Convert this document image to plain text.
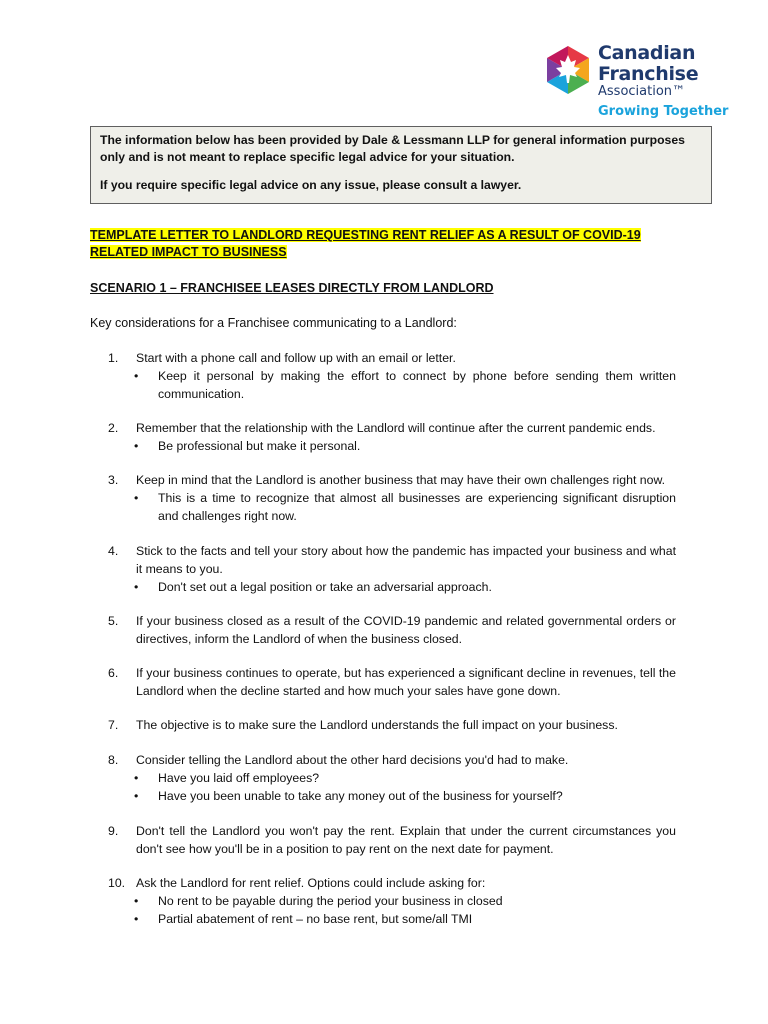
Canadian
Franchise
Association™
Growing Together

The information below has been provided by Dale & Lessmann LLP for general information purposes only and is not meant to replace specific legal advice for your situation.

If you require specific legal advice on any issue, please consult a lawyer.

TEMPLATE LETTER TO LANDLORD REQUESTING RENT RELIEF AS A RESULT OF COVID-19 RELATED IMPACT TO BUSINESS
SCENARIO 1 – FRANCHISEE LEASES DIRECTLY FROM LANDLORD
Key considerations for a Franchisee communicating to a Landlord:
1.	Start with a phone call and follow up with an email or letter.
• Keep it personal by making the effort to connect by phone before sending them written communication.
2.	Remember that the relationship with the Landlord will continue after the current pandemic ends.
• Be professional but make it personal.
3.	Keep in mind that the Landlord is another business that may have their own challenges right now.
• This is a time to recognize that almost all businesses are experiencing significant disruption and challenges right now.
4.	Stick to the facts and tell your story about how the pandemic has impacted your business and what it means to you.
• Don't set out a legal position or take an adversarial approach.
5.	If your business closed as a result of the COVID-19 pandemic and related governmental orders or directives, inform the Landlord of when the business closed.
6.	If your business continues to operate, but has experienced a significant decline in revenues, tell the Landlord when the decline started and how much your sales have gone down.
7.	The objective is to make sure the Landlord understands the full impact on your business.
8.	Consider telling the Landlord about the other hard decisions you'd had to make.
• Have you laid off employees?
• Have you been unable to take any money out of the business for yourself?
9.	Don't tell the Landlord you won't pay the rent. Explain that under the current circumstances you don't see how you'll be in a position to pay rent on the next date for payment.
10. Ask the Landlord for rent relief. Options could include asking for:
• No rent to be payable during the period your business in closed
• Partial abatement of rent – no base rent, but some/all TMI
